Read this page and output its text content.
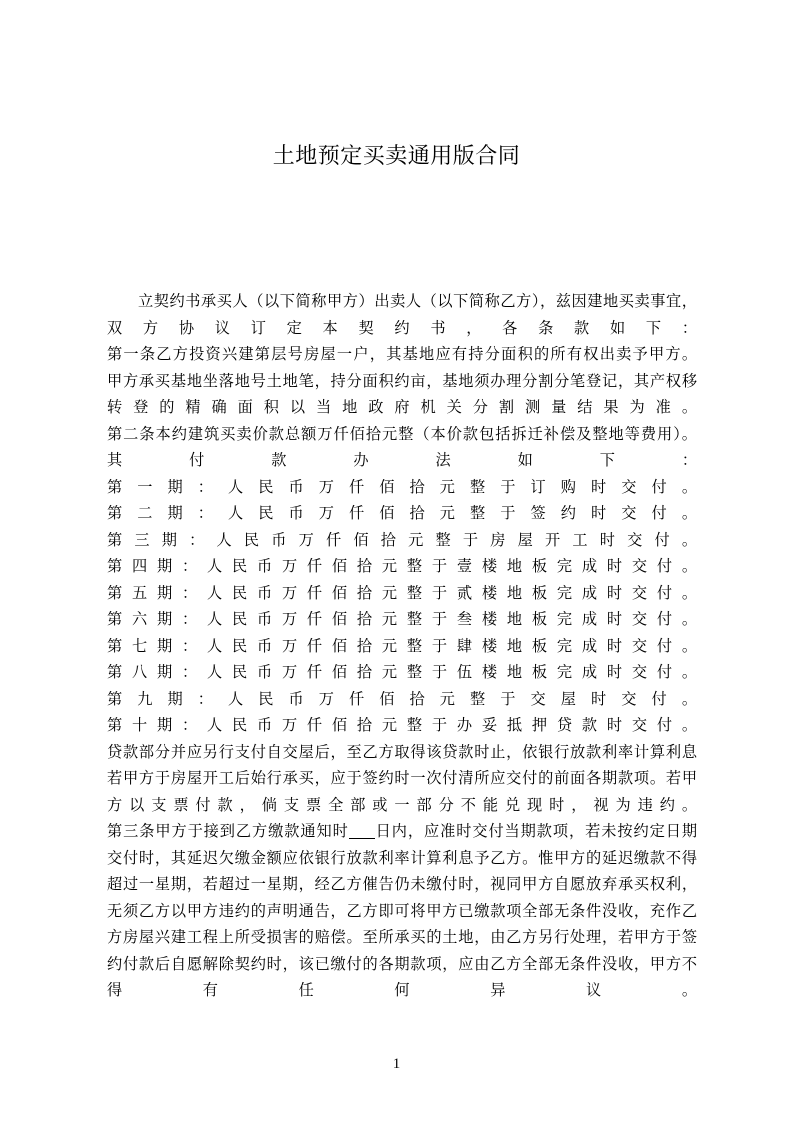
土地预定买卖通用版合同
立契约书承买人（以下简称甲方）出卖人（以下简称乙方），兹因建地买卖事宜，
双方协议订定本契约书，各条款如下：
第一条乙方投资兴建第层号房屋一户，其基地应有持分面积的所有权出卖予甲方。
甲方承买基地坐落地号土地笔，持分面积约亩，基地须办理分割分笔登记，其产权移
转登的精确面积以当地政府机关分割测量结果为准。
第二条本约建筑买卖价款总额万仟佰拾元整（本价款包括拆迁补偿及整地等费用）。
其付款办法如下：
第一期：人民币万仟佰拾元整于订购时交付。
第二期：人民币万仟佰拾元整于签约时交付。
第三期：人民币万仟佰拾元整于房屋开工时交付。
第四期：人民币万仟佰拾元整于壹楼地板完成时交付。
第五期：人民币万仟佰拾元整于贰楼地板完成时交付。
第六期：人民币万仟佰拾元整于叁楼地板完成时交付。
第七期：人民币万仟佰拾元整于肆楼地板完成时交付。
第八期：人民币万仟佰拾元整于伍楼地板完成时交付。
第九期：人民币万仟佰拾元整于交屋时交付。
第十期：人民币万仟佰拾元整于办妥抵押贷款时交付。
贷款部分并应另行支付自交屋后，至乙方取得该贷款时止，依银行放款利率计算利息
若甲方于房屋开工后始行承买，应于签约时一次付清所应交付的前面各期款项。若甲
方以支票付款，倘支票全部或一部分不能兑现时，视为违约。
第三条甲方于接到乙方缴款通知时 日内，应准时交付当期款项，若未按约定日期
交付时，其延迟欠缴金额应依银行放款利率计算利息予乙方。惟甲方的延迟缴款不得
超过一星期，若超过一星期，经乙方催告仍未缴付时，视同甲方自愿放弃承买权利，
无须乙方以甲方违约的声明通告，乙方即可将甲方已缴款项全部无条件没收，充作乙
方房屋兴建工程上所受损害的赔偿。至所承买的土地，由乙方另行处理，若甲方于签
约付款后自愿解除契约时，该已缴付的各期款项，应由乙方全部无条件没收，甲方不
得有任何异议。
1
